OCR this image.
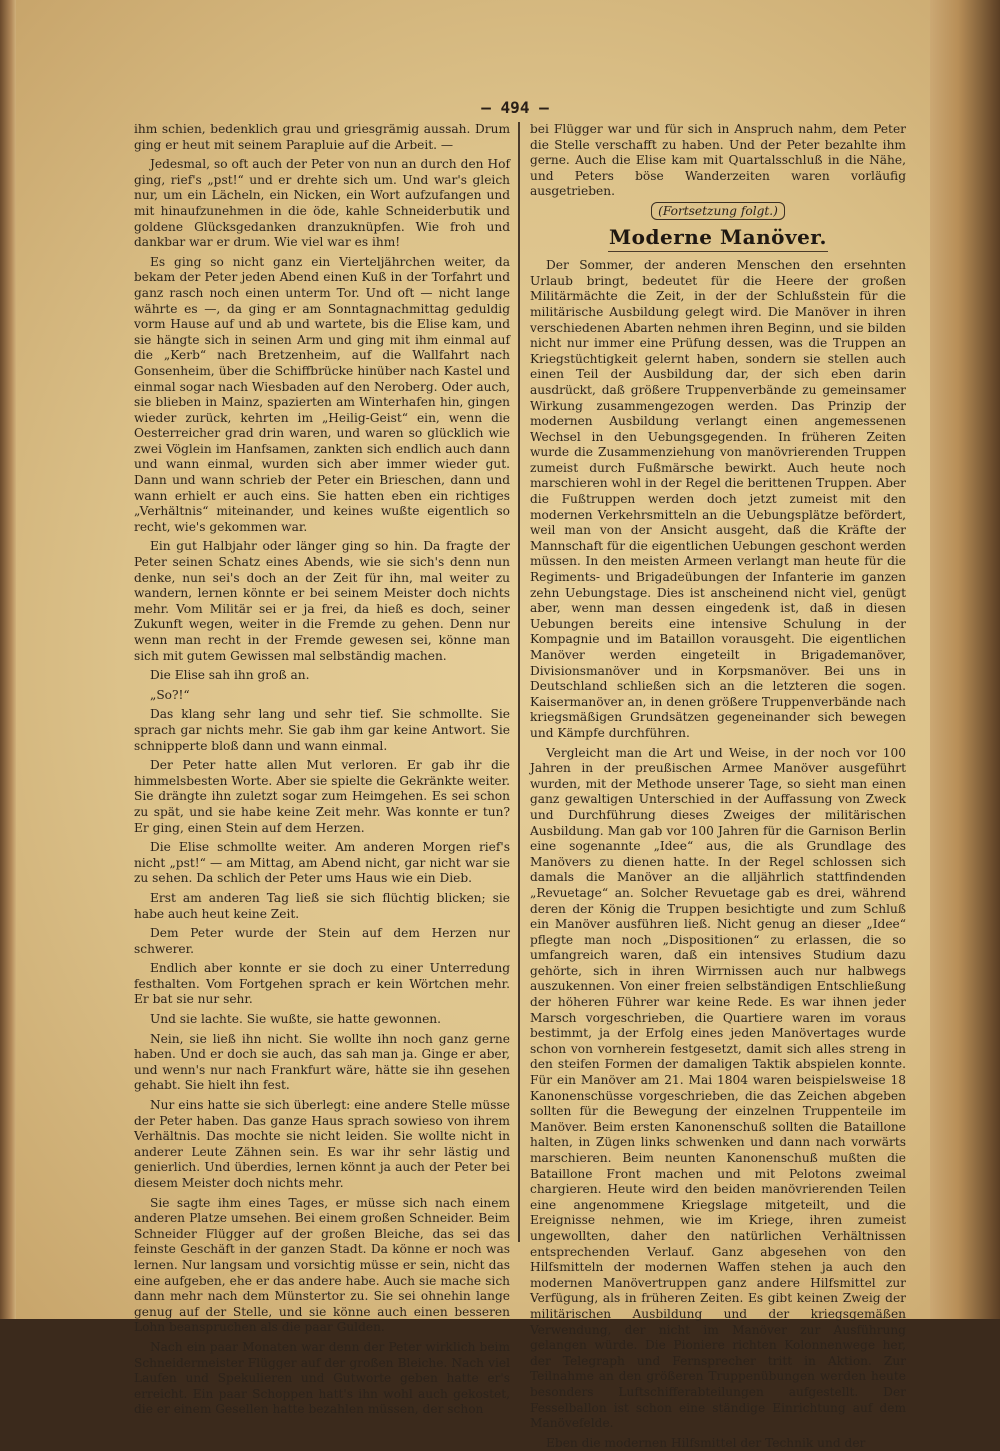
— 494 —

ihm schien, bedenklich grau und griesgrämig aussah. Drum ging er heut mit seinem Parapluie auf die Arbeit. —

Jedesmal, so oft auch der Peter von nun an durch den Hof ging, rief's „pst!“ und er drehte sich um. Und war's gleich nur, um ein Lächeln, ein Nicken, ein Wort aufzufangen und mit hinaufzunehmen in die öde, kahle Schneiderbutik und goldene Glücksgedanken dranzuknüpfen. Wie froh und dankbar war er drum. Wie viel war es ihm!

Es ging so nicht ganz ein Vierteljährchen weiter, da bekam der Peter jeden Abend einen Kuß in der Torfahrt und ganz rasch noch einen unterm Tor. Und oft — nicht lange währte es —, da ging er am Sonntagnachmittag geduldig vorm Hause auf und ab und wartete, bis die Elise kam, und sie hängte sich in seinen Arm und ging mit ihm einmal auf die „Kerb“ nach Bretzenheim, auf die Wallfahrt nach Gonsenheim, über die Schiffbrücke hinüber nach Kastel und einmal sogar nach Wiesbaden auf den Neroberg. Oder auch, sie blieben in Mainz, spazierten am Winterhafen hin, gingen wieder zurück, kehrten im „Heilig-Geist“ ein, wenn die Oesterreicher grad drin waren, und waren so glücklich wie zwei Vöglein im Hanfsamen, zankten sich endlich auch dann und wann einmal, wurden sich aber immer wieder gut. Dann und wann schrieb der Peter ein Brieschen, dann und wann erhielt er auch eins. Sie hatten eben ein richtiges „Verhältnis“ miteinander, und keines wußte eigentlich so recht, wie's gekommen war.

Ein gut Halbjahr oder länger ging so hin. Da fragte der Peter seinen Schatz eines Abends, wie sie sich's denn nun denke, nun sei's doch an der Zeit für ihn, mal weiter zu wandern, lernen könnte er bei seinem Meister doch nichts mehr. Vom Militär sei er ja frei, da hieß es doch, seiner Zukunft wegen, weiter in die Fremde zu gehen. Denn nur wenn man recht in der Fremde gewesen sei, könne man sich mit gutem Gewissen mal selbständig machen.

Die Elise sah ihn groß an.

„So?!“

Das klang sehr lang und sehr tief. Sie schmollte. Sie sprach gar nichts mehr. Sie gab ihm gar keine Antwort. Sie schnipperte bloß dann und wann einmal.

Der Peter hatte allen Mut verloren. Er gab ihr die himmelsbesten Worte. Aber sie spielte die Gekränkte weiter. Sie drängte ihn zuletzt sogar zum Heimgehen. Es sei schon zu spät, und sie habe keine Zeit mehr. Was konnte er tun? Er ging, einen Stein auf dem Herzen.

Die Elise schmollte weiter. Am anderen Morgen rief's nicht „pst!“ — am Mittag, am Abend nicht, gar nicht war sie zu sehen. Da schlich der Peter ums Haus wie ein Dieb.

Erst am anderen Tag ließ sie sich flüchtig blicken; sie habe auch heut keine Zeit.

Dem Peter wurde der Stein auf dem Herzen nur schwerer.

Endlich aber konnte er sie doch zu einer Unterredung festhalten. Vom Fortgehen sprach er kein Wörtchen mehr. Er bat sie nur sehr.

Und sie lachte. Sie wußte, sie hatte gewonnen.

Nein, sie ließ ihn nicht. Sie wollte ihn noch ganz gerne haben. Und er doch sie auch, das sah man ja. Ginge er aber, und wenn's nur nach Frankfurt wäre, hätte sie ihn gesehen gehabt. Sie hielt ihn fest.

Nur eins hatte sie sich überlegt: eine andere Stelle müsse der Peter haben. Das ganze Haus sprach sowieso von ihrem Verhältnis. Das mochte sie nicht leiden. Sie wollte nicht in anderer Leute Zähnen sein. Es war ihr sehr lästig und genierlich. Und überdies, lernen könnt ja auch der Peter bei diesem Meister doch nichts mehr.

Sie sagte ihm eines Tages, er müsse sich nach einem anderen Platze umsehen. Bei einem großen Schneider. Beim Schneider Flügger auf der großen Bleiche, das sei das feinste Geschäft in der ganzen Stadt. Da könne er noch was lernen. Nur langsam und vorsichtig müsse er sein, nicht das eine aufgeben, ehe er das andere habe. Auch sie mache sich dann mehr nach dem Münstertor zu. Sie sei ohnehin lange genug auf der Stelle, und sie könne auch einen besseren Lohn beanspruchen als die paar Gulden.

Nach ein paar Monaten war denn der Peter wirklich beim Schneidermeister Flügger auf der großen Bleiche. Nach viel Laufen und Spekulieren und Gutworte geben hatte er's erreicht. Ein paar Schoppen hatt's ihn wohl auch gekostet, die er einem Gesellen hatte bezahlen müssen, der schon

bei Flügger war und für sich in Anspruch nahm, dem Peter die Stelle verschafft zu haben. Und der Peter bezahlte ihm gerne. Auch die Elise kam mit Quartalsschluß in die Nähe, und Peters böse Wanderzeiten waren vorläufig ausgetrieben.

(Fortsetzung folgt.)

Moderne Manöver.

Der Sommer, der anderen Menschen den ersehnten Urlaub bringt, bedeutet für die Heere der großen Militärmächte die Zeit, in der der Schlußstein für die militärische Ausbildung gelegt wird. Die Manöver in ihren verschiedenen Abarten nehmen ihren Beginn, und sie bilden nicht nur immer eine Prüfung dessen, was die Truppen an Kriegstüchtigkeit gelernt haben, sondern sie stellen auch einen Teil der Ausbildung dar, der sich eben darin ausdrückt, daß größere Truppenverbände zu gemeinsamer Wirkung zusammengezogen werden. Das Prinzip der modernen Ausbildung verlangt einen angemessenen Wechsel in den Uebungsgegenden. In früheren Zeiten wurde die Zusammenziehung von manövrierenden Truppen zumeist durch Fußmärsche bewirkt. Auch heute noch marschieren wohl in der Regel die berittenen Truppen. Aber die Fußtruppen werden doch jetzt zumeist mit den modernen Verkehrsmitteln an die Uebungsplätze befördert, weil man von der Ansicht ausgeht, daß die Kräfte der Mannschaft für die eigentlichen Uebungen geschont werden müssen. In den meisten Armeen verlangt man heute für die Regiments- und Brigadeübungen der Infanterie im ganzen zehn Uebungstage. Dies ist anscheinend nicht viel, genügt aber, wenn man dessen eingedenk ist, daß in diesen Uebungen bereits eine intensive Schulung in der Kompagnie und im Bataillon vorausgeht. Die eigentlichen Manöver werden eingeteilt in Brigademanöver, Divisionsmanöver und in Korpsmanöver. Bei uns in Deutschland schließen sich an die letzteren die sogen. Kaisermanöver an, in denen größere Truppenverbände nach kriegsmäßigen Grundsätzen gegeneinander sich bewegen und Kämpfe durchführen.

Vergleicht man die Art und Weise, in der noch vor 100 Jahren in der preußischen Armee Manöver ausgeführt wurden, mit der Methode unserer Tage, so sieht man einen ganz gewaltigen Unterschied in der Auffassung von Zweck und Durchführung dieses Zweiges der militärischen Ausbildung. Man gab vor 100 Jahren für die Garnison Berlin eine sogenannte „Idee“ aus, die als Grundlage des Manövers zu dienen hatte. In der Regel schlossen sich damals die Manöver an die alljährlich stattfindenden „Revuetage“ an. Solcher Revuetage gab es drei, während deren der König die Truppen besichtigte und zum Schluß ein Manöver ausführen ließ. Nicht genug an dieser „Idee“ pflegte man noch „Dispositionen“ zu erlassen, die so umfangreich waren, daß ein intensives Studium dazu gehörte, sich in ihren Wirrnissen auch nur halbwegs auszukennen. Von einer freien selbständigen Entschließung der höheren Führer war keine Rede. Es war ihnen jeder Marsch vorgeschrieben, die Quartiere waren im voraus bestimmt, ja der Erfolg eines jeden Manövertages wurde schon von vornherein festgesetzt, damit sich alles streng in den steifen Formen der damaligen Taktik abspielen konnte. Für ein Manöver am 21. Mai 1804 waren beispielsweise 18 Kanonenschüsse vorgeschrieben, die das Zeichen abgeben sollten für die Bewegung der einzelnen Truppenteile im Manöver. Beim ersten Kanonenschuß sollten die Bataillone halten, in Zügen links schwenken und dann nach vorwärts marschieren. Beim neunten Kanonenschuß mußten die Bataillone Front machen und mit Pelotons zweimal chargieren. Heute wird den beiden manövrierenden Teilen eine angenommene Kriegslage mitgeteilt, und die Ereignisse nehmen, wie im Kriege, ihren zumeist ungewollten, daher den natürlichen Verhältnissen entsprechenden Verlauf. Ganz abgesehen von den Hilfsmitteln der modernen Waffen stehen ja auch den modernen Manövertruppen ganz andere Hilfsmittel zur Verfügung, als in früheren Zeiten. Es gibt keinen Zweig der militärischen Ausbildung und der kriegsgemäßen Verwendung, der nicht im Manöver zur Ausführung gelangen würde. Die Pioniere richten Kolonnenwege her, der Telegraph und Fernsprecher tritt in Aktion. Zur Teilnahme an den größeren Truppenübungen werden heute besonders Luftschifferabteilungen aufgestellt. Der Fesselballon ist schon eine ständige Einrichtung auf dem Manövefelde.

Eben die modernen Hilfsmittel der Technik und der
